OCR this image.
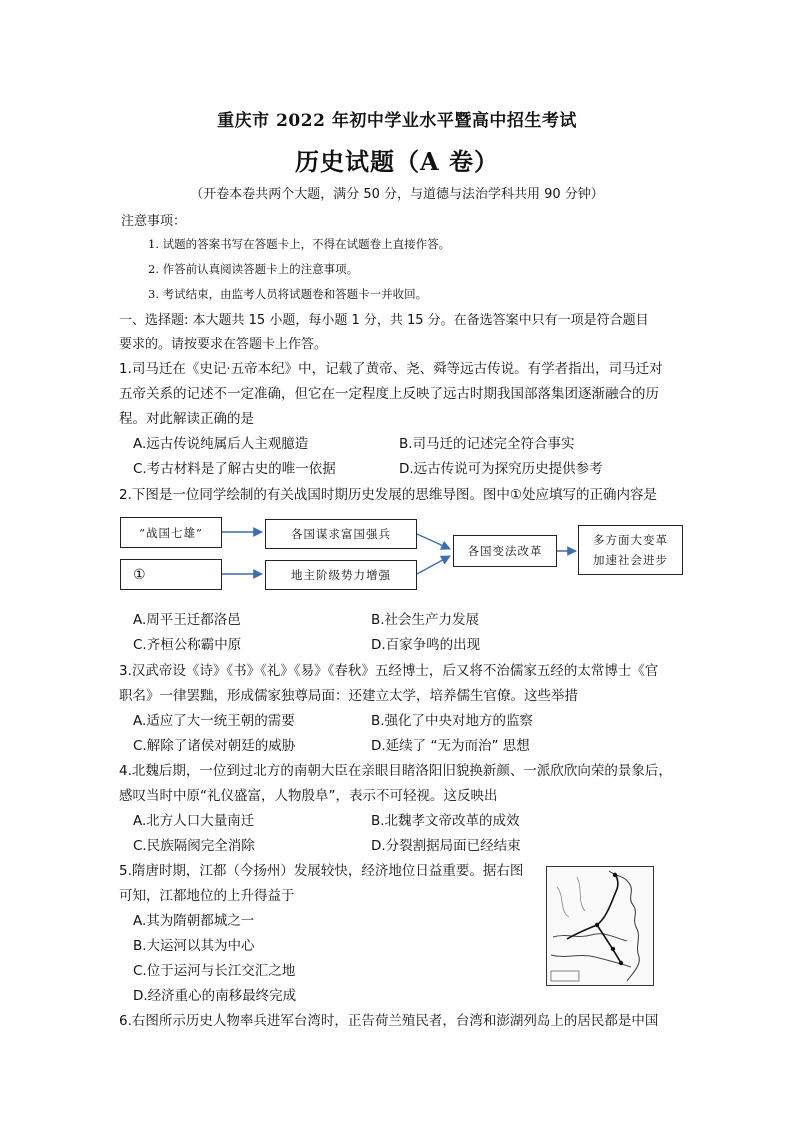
重庆市 2022 年初中学业水平暨高中招生考试
历史试题（A 卷）
（开卷本卷共两个大题，满分 50 分，与道德与法治学科共用 90 分钟）
注意事项：
1. 试题的答案书写在答题卡上，不得在试题卷上直接作答。
2. 作答前认真阅读答题卡上的注意事项。
3. 考试结束，由监考人员将试题卷和答题卡一并收回。
一、选择题: 本大题共 15 小题，每小题 1 分，共 15 分。在备选答案中只有一项是符合题目
要求的。请按要求在答题卡上作答。
1.司马迁在《史记·五帝本纪》中，记载了黄帝、尧、舜等远古传说。有学者指出，司马迁对
五帝关系的记述不一定准确，但它在一定程度上反映了远古时期我国部落集团逐渐融合的历
程。对此解读正确的是
A.远古传说纯属后人主观臆造	B.司马迁的记述完全符合事实
C.考古材料是了解古史的唯一依据	D.远古传说可为探究历史提供参考
2.下图是一位同学绘制的有关战国时期历史发展的思维导图。图中①处应填写的正确内容是
“战国七雄”
①
各国谋求富国强兵
地主阶级势力增强
各国变法改革
多方面大变革
加速社会进步
A.周平王迁都洛邑	B.社会生产力发展
C.齐桓公称霸中原	D.百家争鸣的出现
3.汉武帝设《诗》《书》《礼》《易》《春秋》五经博士，后又将不治儒家五经的太常博士《官
职名》一律罢黜，形成儒家独尊局面：还建立太学，培养儒生官僚。这些举措
A.适应了大一统王朝的需要	B.强化了中央对地方的监察
C.解除了诸侯对朝廷的威胁	D.延续了 “无为而治” 思想
4.北魏后期，一位到过北方的南朝大臣在亲眼目睹洛阳旧貌换新颜、一派欣欣向荣的景象后，
感叹当时中原“礼仪盛富，人物殷阜”，表示不可轻视。这反映出
A.北方人口大量南迁	B.北魏孝文帝改革的成效
C.民族隔阂完全消除	D.分裂割据局面已经结束
5.隋唐时期，江都（今扬州）发展较快，经济地位日益重要。据右图
可知，江都地位的上升得益于
A.其为隋朝都城之一
B.大运河以其为中心
C.位于运河与长江交汇之地
D.经济重心的南移最终完成
6.右图所示历史人物率兵进军台湾时，正告荷兰殖民者，台湾和澎湖列岛上的居民都是中国
